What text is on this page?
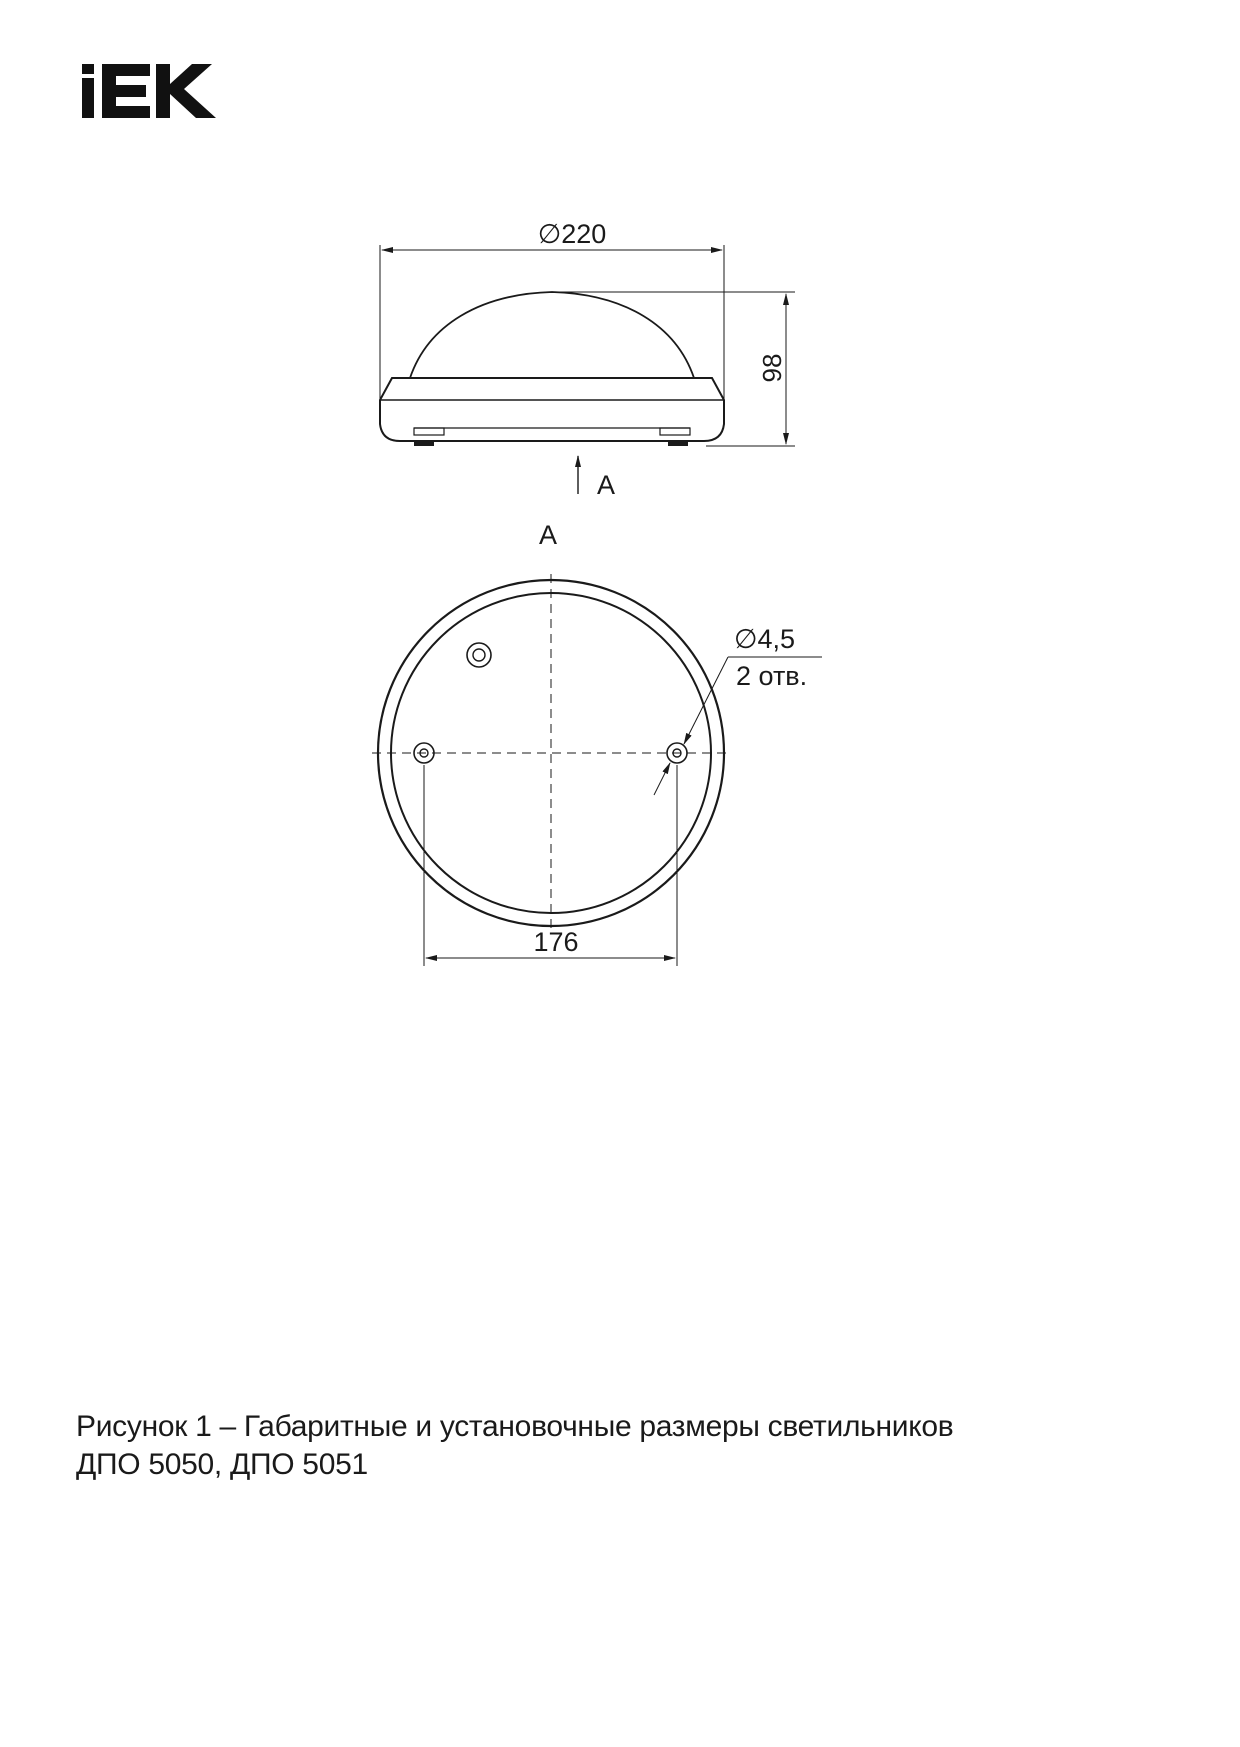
∅220
98
А
А
∅4,5
2 отв.
176
Рисунок 1 – Габаритные и установочные размеры светильников
ДПО 5050, ДПО 5051
